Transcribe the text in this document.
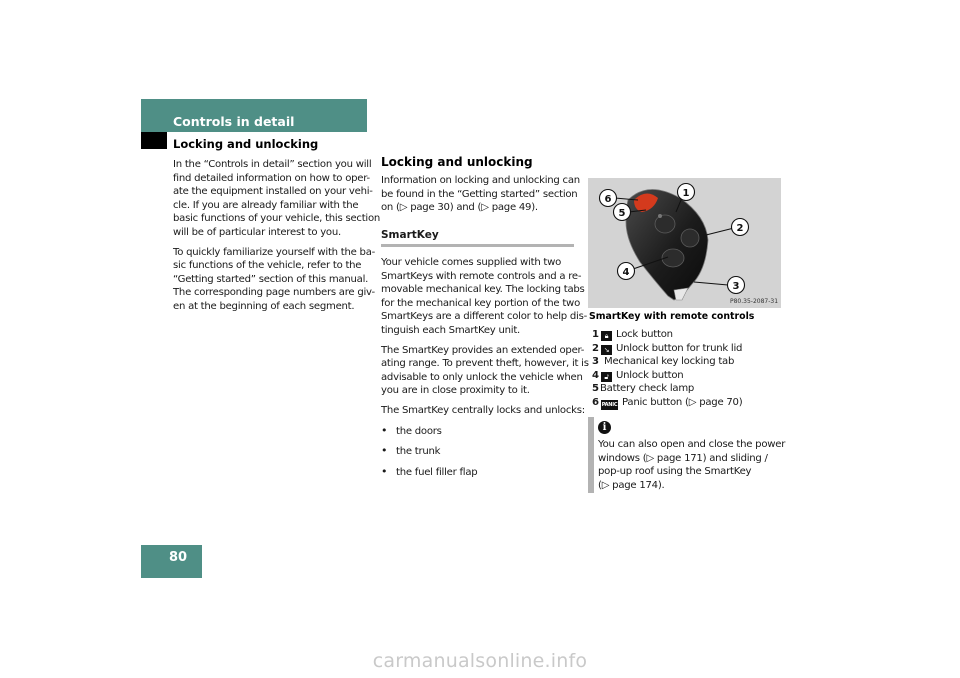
Controls in detail
Locking and unlocking
In the “Controls in detail” section you will
find detailed information on how to oper-
ate the equipment installed on your vehi-
cle. If you are already familiar with the
basic functions of your vehicle, this section
will be of particular interest to you.
To quickly familiarize yourself with the ba-
sic functions of the vehicle, refer to the
“Getting started” section of this manual.
The corresponding page numbers are giv-
en at the beginning of each segment.
Locking and unlocking
Information on locking and unlocking can
be found in the “Getting started” section
on (▷ page 30) and (▷ page 49).
SmartKey
Your vehicle comes supplied with two
SmartKeys with remote controls and a re-
movable mechanical key. The locking tabs
for the mechanical key portion of the two
SmartKeys are a different color to help dis-
tinguish each SmartKey unit.
The SmartKey provides an extended oper-
ating range. To prevent theft, however, it is
advisable to only unlock the vehicle when
you are in close proximity to it.
The SmartKey centrally locks and unlocks:
• the doors
• the trunk
• the fuel filler flap
1
2
3
4
5
6
P80.35-2087-31
SmartKey with remote controls
1 🔒︎ Lock button
2 ↘ Unlock button for trunk lid
3 Mechanical key locking tab
4 🔓︎ Unlock button
5Battery check lamp
6 PANIC Panic button (▷ page 70)
i
You can also open and close the power
windows (▷ page 171) and sliding /
pop-up roof using the SmartKey
(▷ page 174).
80
carmanualsonline.info
